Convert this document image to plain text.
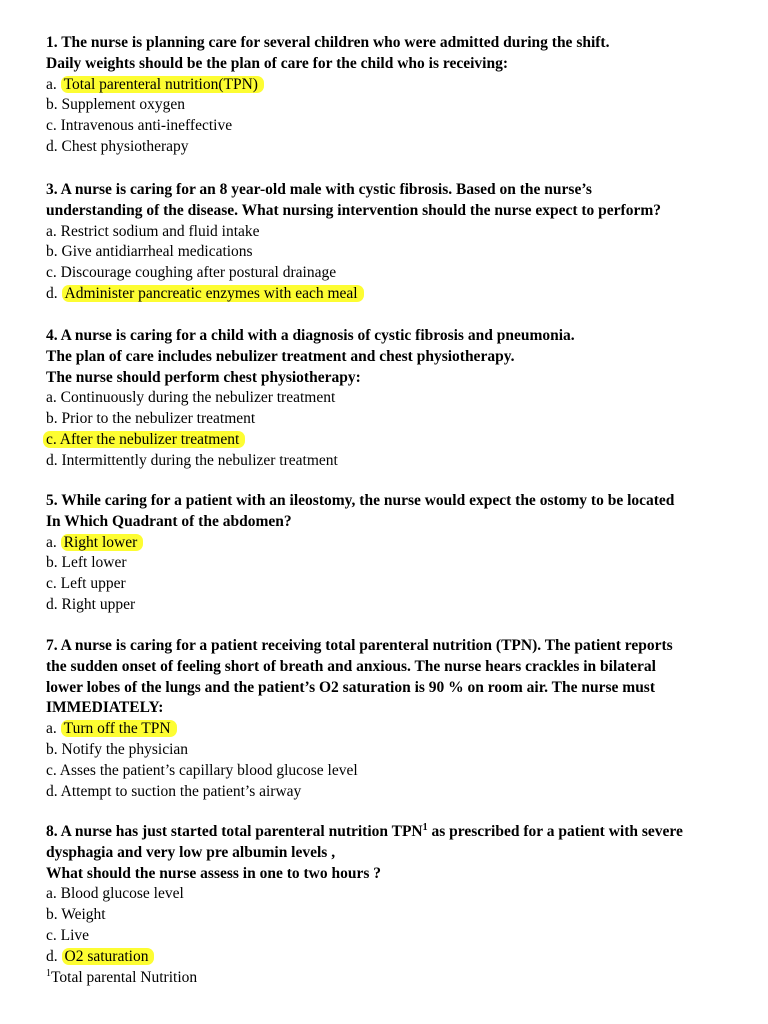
1. The nurse is planning care for several children who were admitted during the shift.
Daily weights should be the plan of care for the child who is receiving:
a. Total parenteral nutrition(TPN)
b. Supplement oxygen
c. Intravenous anti-ineffective
d. Chest physiotherapy
3. A nurse is caring for an 8 year-old male with cystic fibrosis. Based on the nurse’s
understanding of the disease. What nursing intervention should the nurse expect to perform?
a. Restrict sodium and fluid intake
b. Give antidiarrheal medications
c. Discourage coughing after postural drainage
d. Administer pancreatic enzymes with each meal
4. A nurse is caring for a child with a diagnosis of cystic fibrosis and pneumonia.
The plan of care includes nebulizer treatment and chest physiotherapy.
The nurse should perform chest physiotherapy:
a. Continuously during the nebulizer treatment
b. Prior to the nebulizer treatment
c. After the nebulizer treatment
d. Intermittently during the nebulizer treatment
5. While caring for a patient with an ileostomy, the nurse would expect the ostomy to be located
In Which Quadrant of the abdomen?
a. Right lower
b. Left lower
c. Left upper
d. Right upper
7. A nurse is caring for a patient receiving total parenteral nutrition (TPN). The patient reports
the sudden onset of feeling short of breath and anxious. The nurse hears crackles in bilateral
lower lobes of the lungs and the patient’s O2 saturation is 90 % on room air. The nurse must
IMMEDIATELY:
a. Turn off the TPN
b. Notify the physician
c. Asses the patient’s capillary blood glucose level
d. Attempt to suction the patient’s airway
8. A nurse has just started total parenteral nutrition TPN$^1$ as prescribed for a patient with severe
dysphagia and very low pre albumin levels ,
What should the nurse assess in one to two hours ?
a. Blood glucose level
b. Weight
c. Live
d. O2 saturation
$^1$Total parental Nutrition
